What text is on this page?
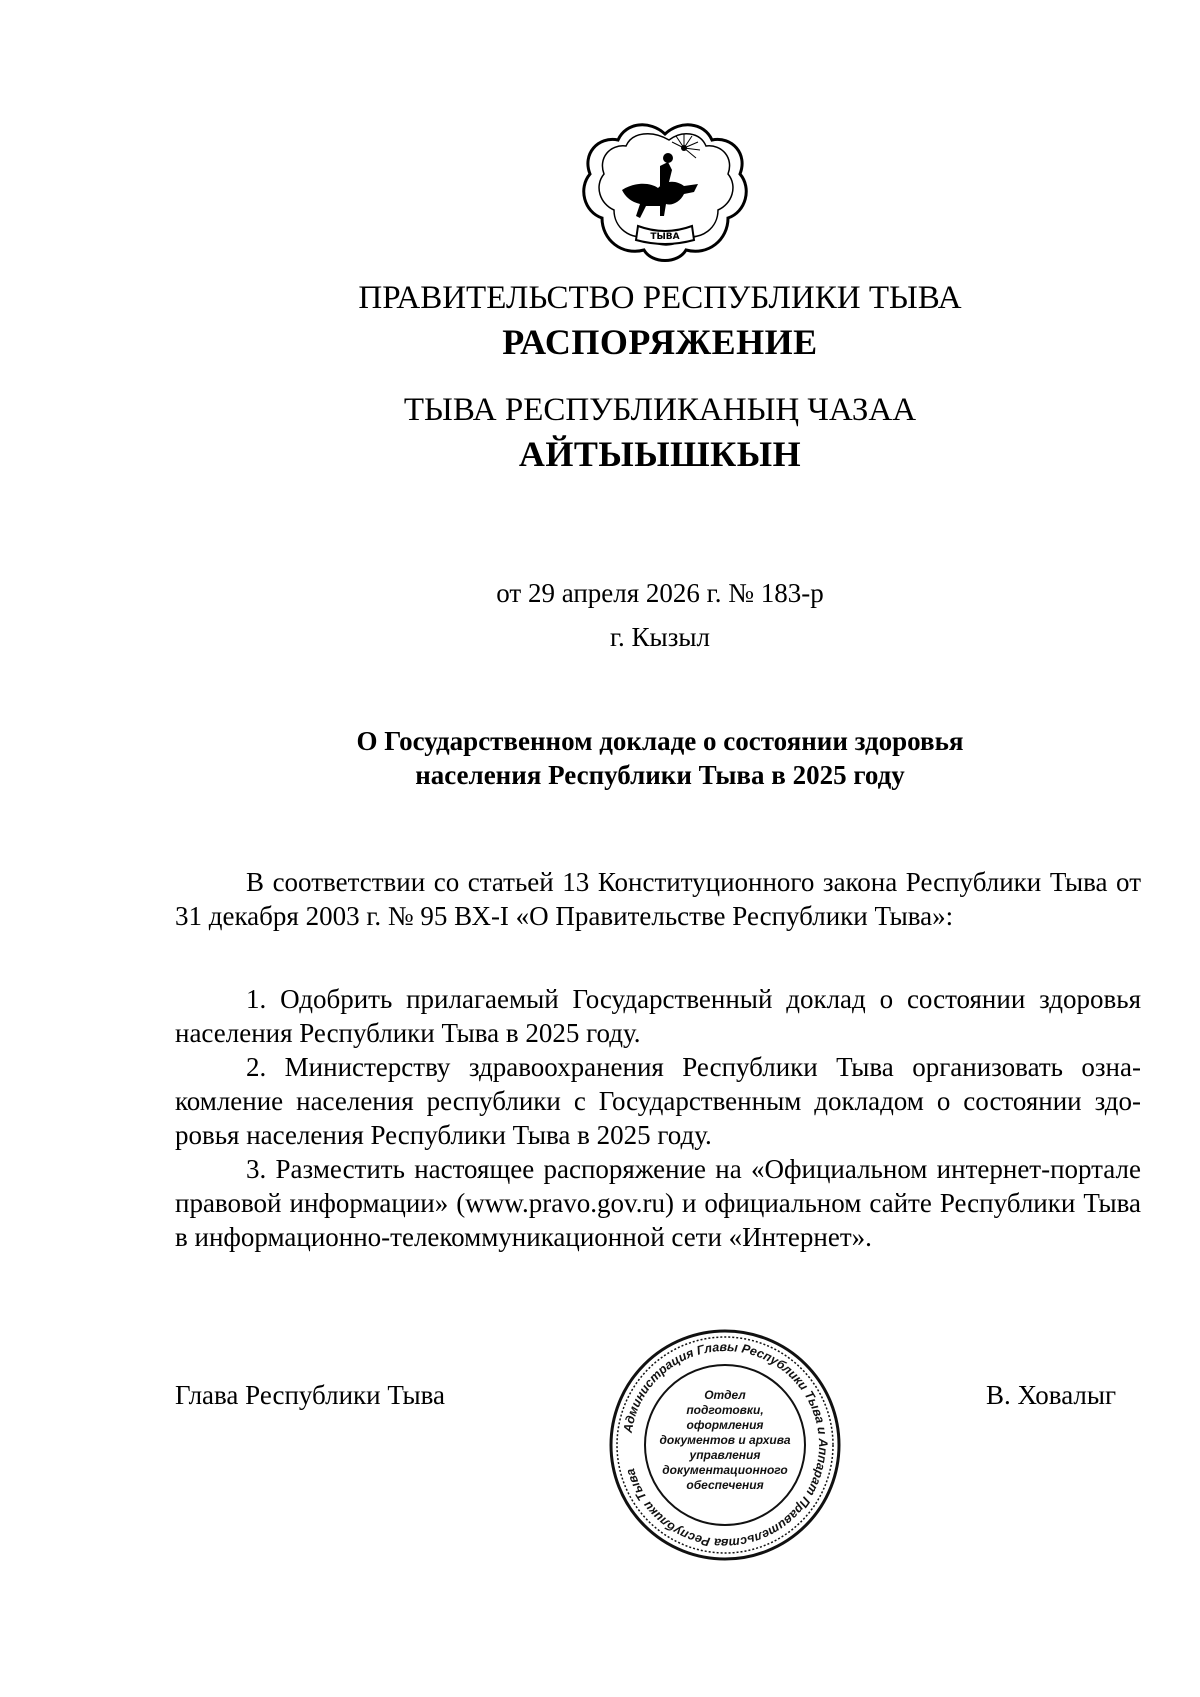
ТЫВА
ПРАВИТЕЛЬСТВО РЕСПУБЛИКИ ТЫВА
РАСПОРЯЖЕНИЕ
ТЫВА РЕСПУБЛИКАНЫҢ ЧАЗАА
АЙТЫЫШКЫН
от 29 апреля 2026 г. № 183-р
г. Кызыл
О Государственном докладе о состоянии здоровья
населения Республики Тыва в 2025 году

В соответствии со статьей 13 Конституционного закона Республики Тыва от 31 декабря 2003 г. № 95 ВХ-I «О Правительстве Республики Тыва»:

1. Одобрить прилагаемый Государственный доклад о состоянии здоровья населения Республики Тыва в 2025 году.

2. Министерству здравоохранения Республики Тыва организовать ознакомление населения республики с Государственным докладом о состоянии здоровья населения Республики Тыва в 2025 году.

3. Разместить настоящее распоряжение на «Официальном интернет-портале правовой информации» (www.pravo.gov.ru) и официальном сайте Республики Тыва в информационно-телекоммуникационной сети «Интернет».

Глава Республики Тыва
Администрация Главы Республики Тыва и Аппарат Правительства Республики Тыва
Отдел
подготовки,
оформления
документов и архива
управления
документационного
обеспечения
В. Ховалыг
